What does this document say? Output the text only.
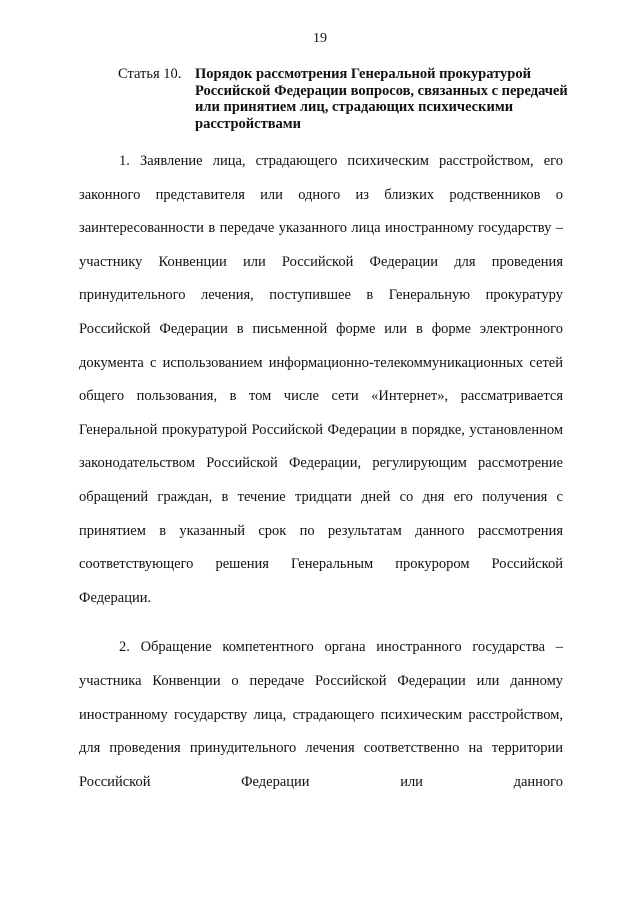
19
Статья 10. Порядок рассмотрения Генеральной прокуратурой Российской Федерации вопросов, связанных с передачей или принятием лиц, страдающих психическими расстройствами

1. Заявление лица, страдающего психическим расстройством, его законного представителя или одного из близких родственников о заинтересованности в передаче указанного лица иностранному государству – участнику Конвенции или Российской Федерации для проведения принудительного лечения, поступившее в Генеральную прокуратуру Российской Федерации в письменной форме или в форме электронного документа с использованием информационно-телекоммуникационных сетей общего пользования, в том числе сети «Интернет», рассматривается Генеральной прокуратурой Российской Федерации в порядке, установленном законодательством Российской Федерации, регулирующим рассмотрение обращений граждан, в течение тридцати дней со дня его получения с принятием в указанный срок по результатам данного рассмотрения соответствующего решения Генеральным прокурором Российской Федерации.

2. Обращение компетентного органа иностранного государства – участника Конвенции о передаче Российской Федерации или данному иностранному государству лица, страдающего психическим расстройством, для проведения принудительного лечения соответственно на территории Российской Федерации или данного
